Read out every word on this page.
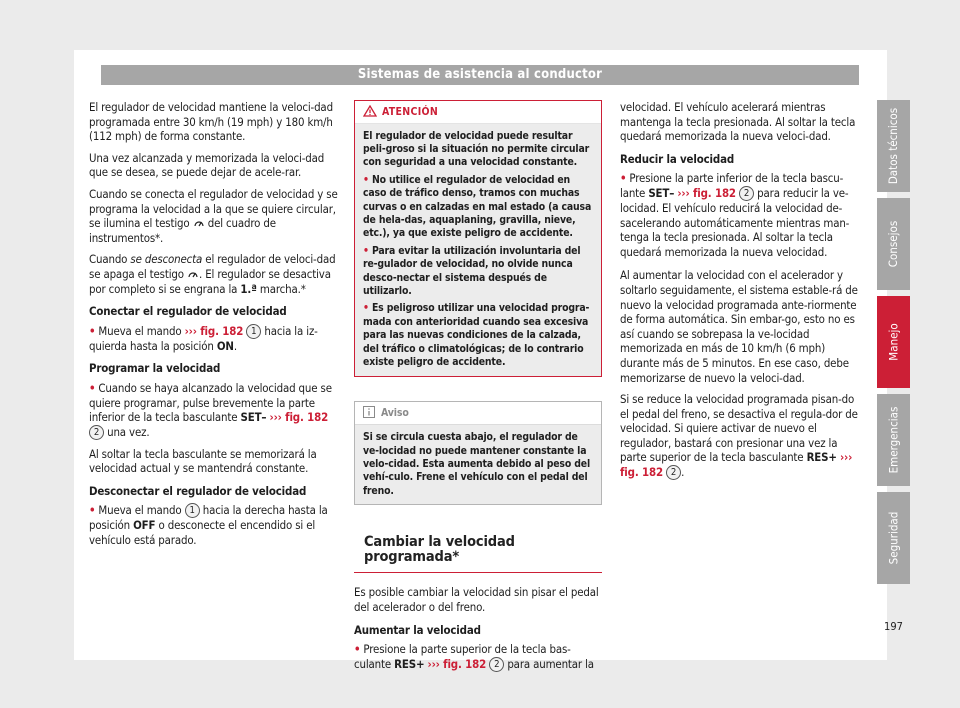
Sistemas de asistencia al conductor

El regulador de velocidad mantiene la veloci-dad programada entre 30 km/h (19 mph) y 180 km/h (112 mph) de forma constante.

Una vez alcanzada y memorizada la veloci-dad que se desea, se puede dejar de acele-rar.

Cuando se conecta el regulador de velocidad y se programa la velocidad a la que se quiere circular, se ilumina el testigo del cuadro de instrumentos*.

Cuando se desconecta el regulador de veloci-dad se apaga el testigo . El regulador se desactiva por completo si se engrana la 1.ª marcha.*

Conectar el regulador de velocidad
• Mueva el mando ››› fig. 182 1 hacia la iz-quierda hasta la posición ON.
Programar la velocidad
• Cuando se haya alcanzado la velocidad que se quiere programar, pulse brevemente la parte inferior de la tecla basculante SET– ››› fig. 182 2 una vez.

Al soltar la tecla basculante se memorizará la velocidad actual y se mantendrá constante.

Desconectar el regulador de velocidad
• Mueva el mando 1 hacia la derecha hasta la posición OFF o desconecte el encendido si el vehículo está parado.
ATENCIÓN

El regulador de velocidad puede resultar peli-groso si la situación no permite circular con seguridad a una velocidad constante.

• No utilice el regulador de velocidad en caso de tráfico denso, tramos con muchas curvas o en calzadas en mal estado (a causa de hela-das, aquaplaning, gravilla, nieve, etc.), ya que existe peligro de accidente.

• Para evitar la utilización involuntaria del re-gulador de velocidad, no olvide nunca desco-nectar el sistema después de utilizarlo.

• Es peligroso utilizar una velocidad progra-mada con anterioridad cuando sea excesiva para las nuevas condiciones de la calzada, del tráfico o climatológicas; de lo contrario existe peligro de accidente.

Aviso
Si se circula cuesta abajo, el regulador de ve-locidad no puede mantener constante la velo-cidad. Esta aumenta debido al peso del vehí-culo. Frene el vehículo con el pedal del freno.
Cambiar la velocidad programada*

Es posible cambiar la velocidad sin pisar el pedal del acelerador o del freno.

Aumentar la velocidad
• Presione la parte superior de la tecla bas-culante RES+ ››› fig. 182 2 para aumentar la

velocidad. El vehículo acelerará mientras mantenga la tecla presionada. Al soltar la tecla quedará memorizada la nueva veloci-dad.

Reducir la velocidad
• Presione la parte inferior de la tecla bascu-lante SET– ››› fig. 182 2 para reducir la ve-locidad. El vehículo reducirá la velocidad de-sacelerando automáticamente mientras man-tenga la tecla presionada. Al soltar la tecla quedará memorizada la nueva velocidad.

Al aumentar la velocidad con el acelerador y soltarlo seguidamente, el sistema estable-rá de nuevo la velocidad programada ante-riormente de forma automática. Sin embar-go, esto no es así cuando se sobrepasa la ve-locidad memorizada en más de 10 km/h (6 mph) durante más de 5 minutos. En ese caso, debe memorizarse de nuevo la veloci-dad.

Si se reduce la velocidad programada pisan-do el pedal del freno, se desactiva el regula-dor de velocidad. Si quiere activar de nuevo el regulador, bastará con presionar una vez la parte superior de la tecla basculante RES+ ››› fig. 182 2 .

Datos técnicos
Consejos
Manejo
Emergencias
Seguridad
197
